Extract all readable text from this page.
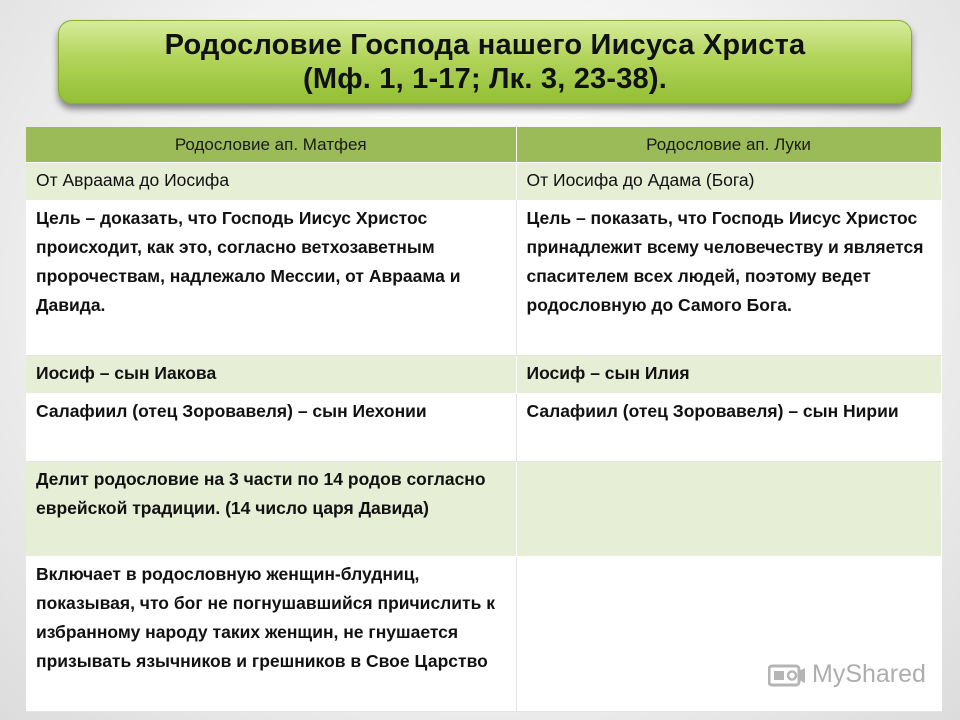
Родословие Господа нашего Иисуса Христа
(Мф. 1, 1-17; Лк. 3, 23-38).
Родословие ап. Матфея	Родословие ап. Луки
От Авраама до Иосифа	От Иосифа до Адама (Бога)
Цель – доказать, что Господь Иисус Христос происходит, как это, согласно ветхозаветным пророчествам, надлежало Мессии, от Авраама и Давида.	Цель – показать, что Господь Иисус Христос принадлежит всему человечеству и является спасителем всех людей, поэтому ведет родословную до Самого Бога.
Иосиф – сын Иакова	Иосиф – сын Илия
Салафиил (отец Зоровавеля) – сын Иехонии	Салафиил (отец Зоровавеля) – сын Нирии
Делит родословие на 3 части по 14 родов согласно еврейской традиции. (14 число царя Давида)	
Включает в родословную женщин-блудниц, показывая, что бог не погнушавшийся причислить к избранному народу таких женщин, не гнушается призывать язычников и грешников в Свое Царство		MyShared
